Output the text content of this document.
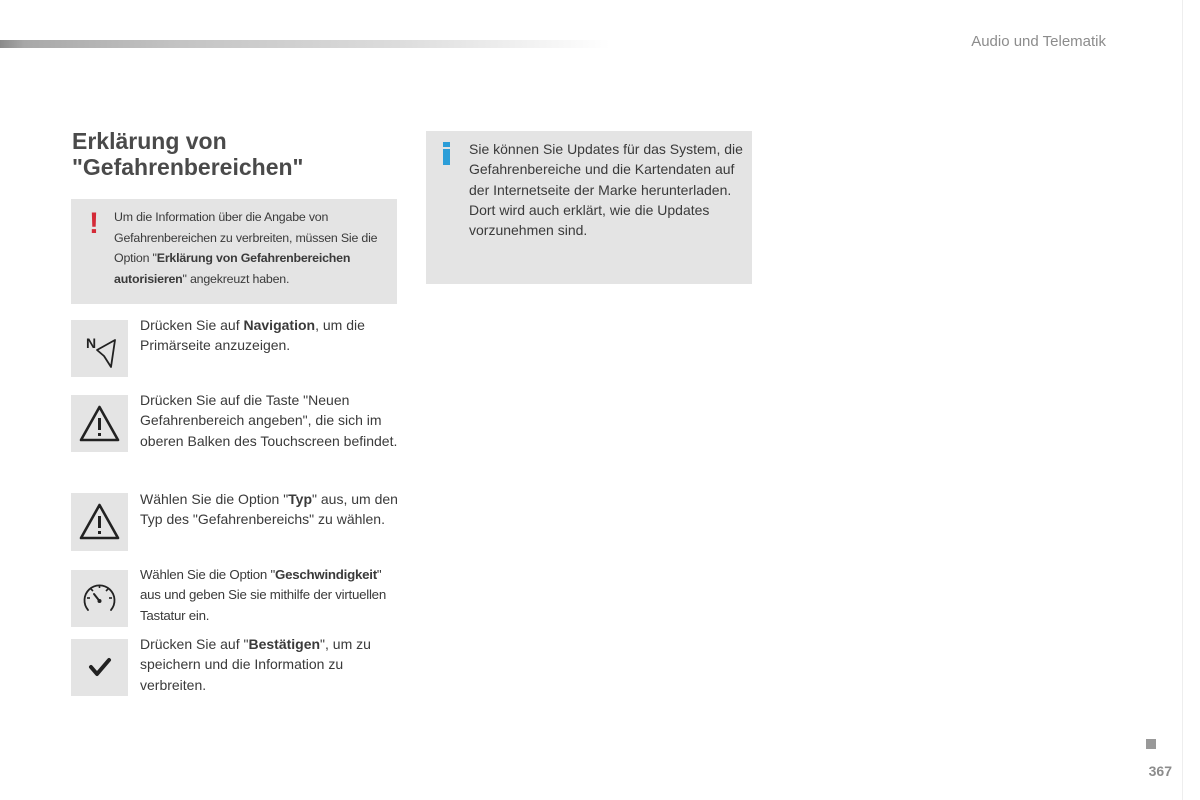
Audio und Telematik
Erklärung von
"Gefahrenbereichen"
! Um die Information über die Angabe von Gefahrenbereichen zu verbreiten, müssen Sie die Option "Erklärung von Gefahrenbereichen autorisieren" angekreuzt haben.
Sie können Sie Updates für das System, die Gefahrenbereiche und die Kartendaten auf der Internetseite der Marke herunterladen.
Dort wird auch erklärt, wie die Updates vorzunehmen sind.
N
Drücken Sie auf Navigation, um die Primärseite anzuzeigen.
Drücken Sie auf die Taste "Neuen Gefahrenbereich angeben", die sich im oberen Balken des Touchscreen befindet.
Wählen Sie die Option "Typ" aus, um den Typ des "Gefahrenbereichs" zu wählen.
Wählen Sie die Option "Geschwindigkeit" aus und geben Sie sie mithilfe der virtuellen Tastatur ein.
Drücken Sie auf "Bestätigen", um zu speichern und die Information zu verbreiten.
367
